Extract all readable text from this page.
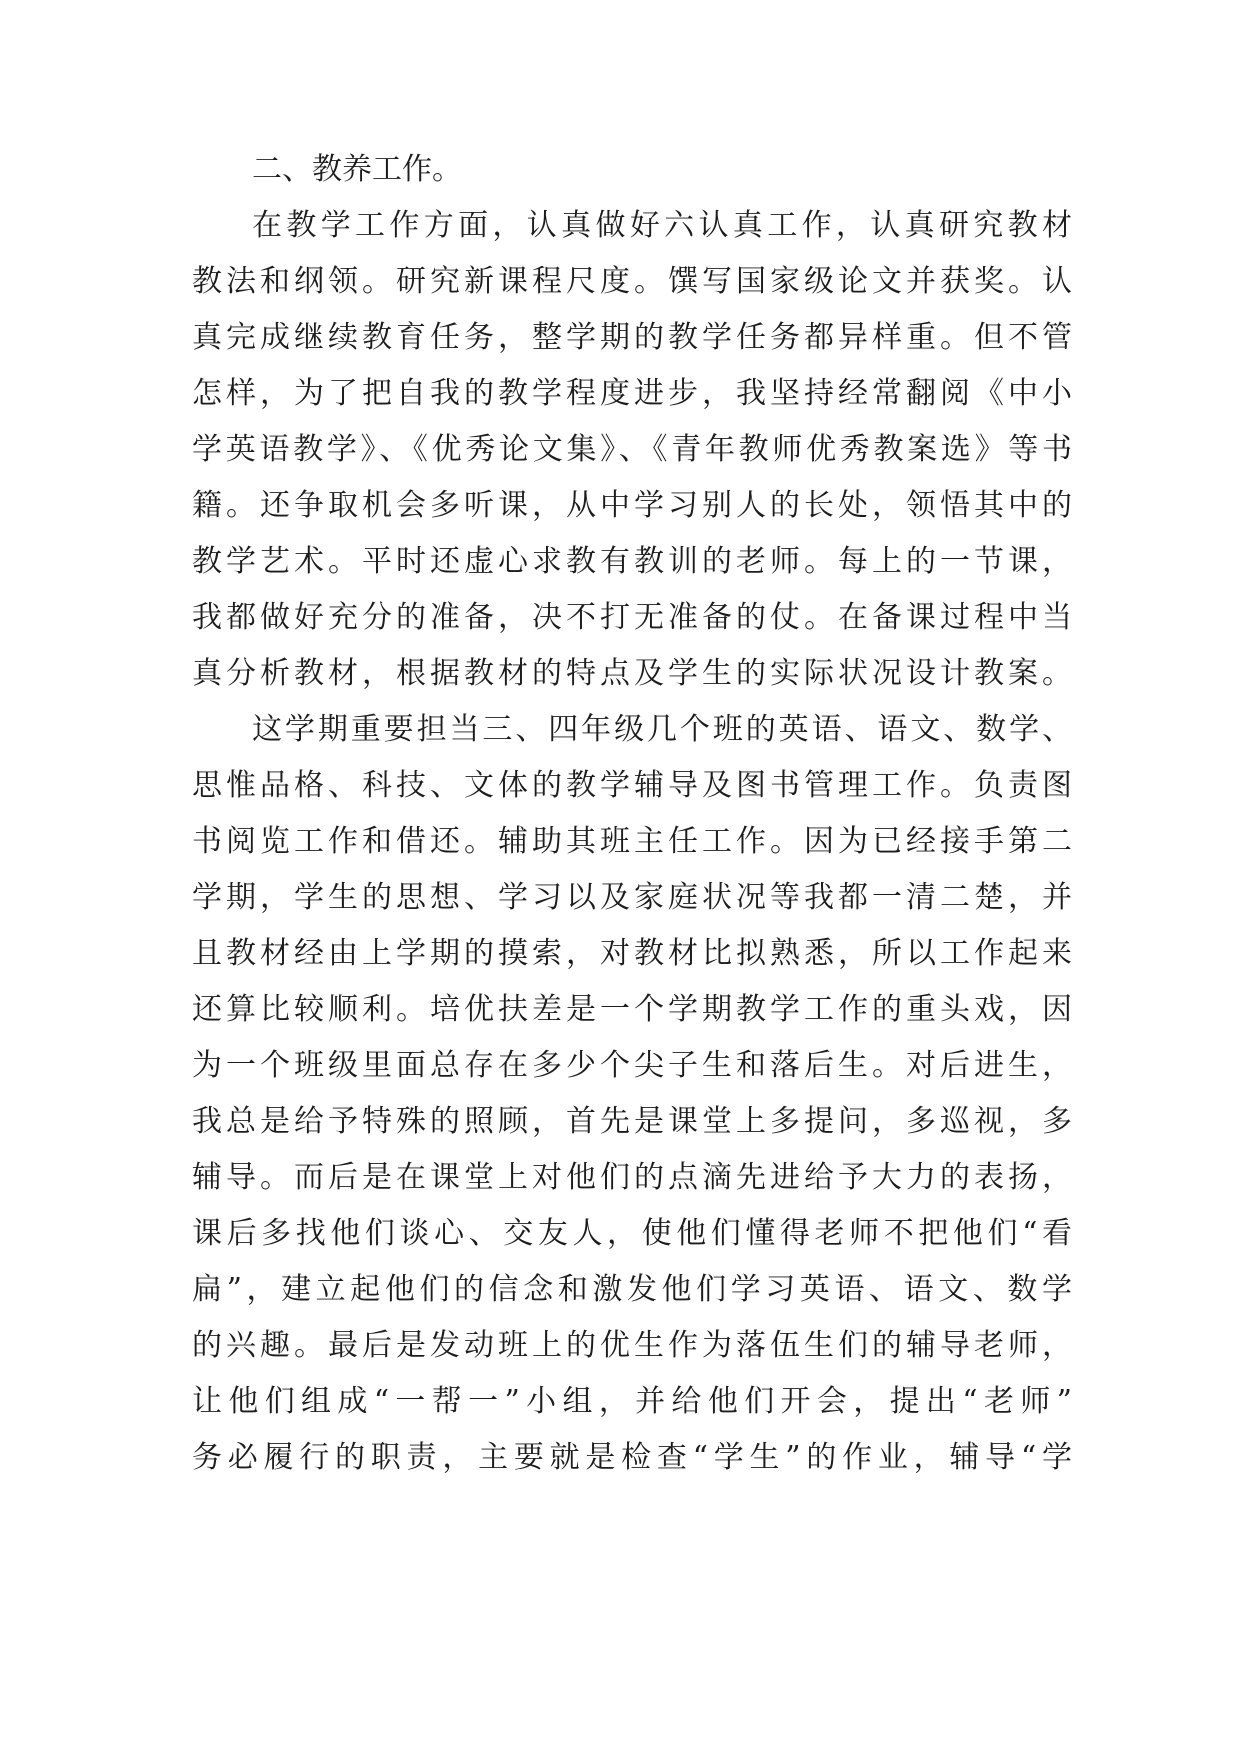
二、教养工作。

在教学工作方面，认真做好六认真工作，认真研究教材

教法和纲领。研究新课程尺度。馔写国家级论文并获奖。认

真完成继续教育任务，整学期的教学任务都异样重。但不管

怎样，为了把自我的教学程度进步，我坚持经常翻阅《中小

学英语教学》、《优秀论文集》、《青年教师优秀教案选》等书

籍。还争取机会多听课，从中学习别人的长处，领悟其中的

教学艺术。平时还虚心求教有教训的老师。每上的一节课，

我都做好充分的准备，决不打无准备的仗。在备课过程中当

真分析教材，根据教材的特点及学生的实际状况设计教案。

这学期重要担当三、四年级几个班的英语、语文、数学、

思惟品格、科技、文体的教学辅导及图书管理工作。负责图

书阅览工作和借还。辅助其班主任工作。因为已经接手第二

学期，学生的思想、学习以及家庭状况等我都一清二楚，并

且教材经由上学期的摸索，对教材比拟熟悉，所以工作起来

还算比较顺利。培优扶差是一个学期教学工作的重头戏，因

为一个班级里面总存在多少个尖子生和落后生。对后进生，

我总是给予特殊的照顾，首先是课堂上多提问，多巡视，多

辅导。而后是在课堂上对他们的点滴先进给予大力的表扬，

课后多找他们谈心、交友人，使他们懂得老师不把他们“看

扁”，建立起他们的信念和激发他们学习英语、语文、数学

的兴趣。最后是发动班上的优生作为落伍生们的辅导老师，

让他们组成“一帮一”小组，并给他们开会，提出“老师”

务必履行的职责，主要就是检查“学生”的作业，辅导“学
